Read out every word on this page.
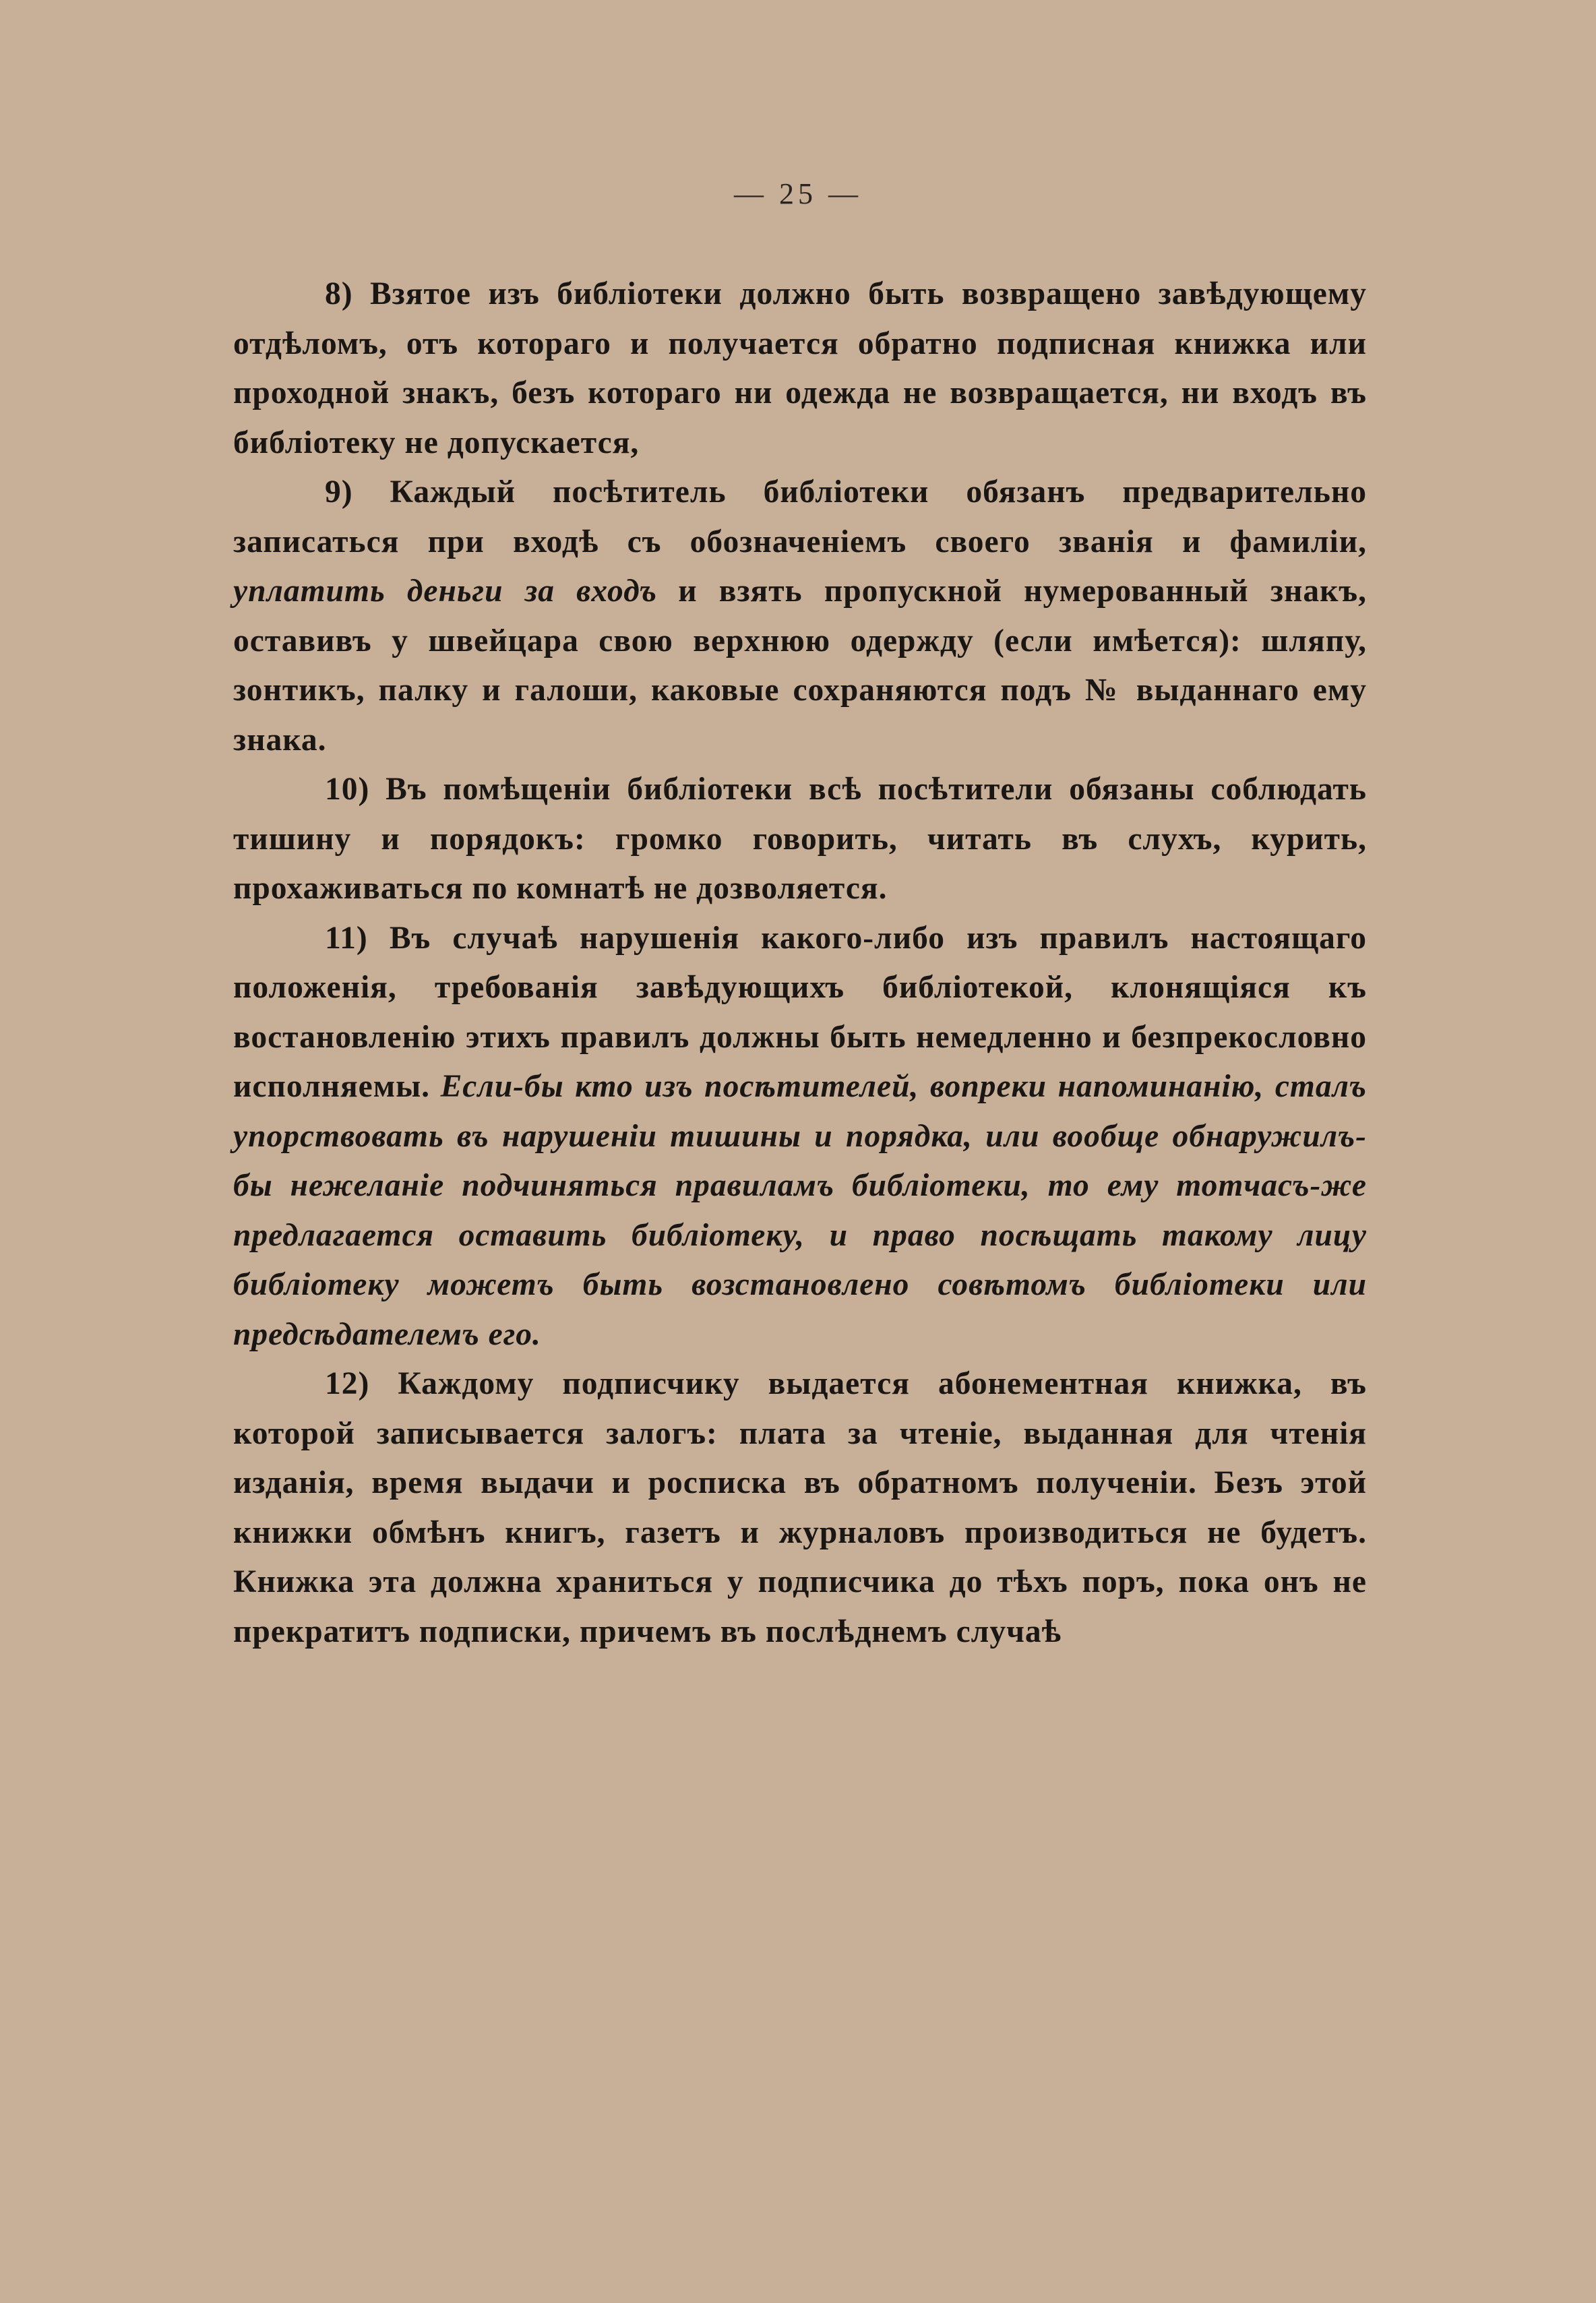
— 25 —

8) Взятое изъ библіотеки должно быть возвращено завѣдующему отдѣломъ, отъ котораго и получается обратно подписная книжка или проходной знакъ, безъ котораго ни одежда не возвращается, ни входъ въ библіотеку не допускается,

9) Каждый посѣтитель библіотеки обязанъ предварительно записаться при входѣ съ обозначеніемъ своего званія и фамиліи, уплатить деньги за входъ и взять пропускной нумерованный знакъ, оставивъ у швейцара свою верхнюю одержду (если имѣется): шляпу, зонтикъ, палку и галоши, каковые сохраняются подъ № выданнаго ему знака.

10) Въ помѣщеніи библіотеки всѣ посѣтители обязаны соблюдать тишину и порядокъ: громко говорить, читать въ слухъ, курить, прохаживаться по комнатѣ не дозволяется.

11) Въ случаѣ нарушенія какого-либо изъ правилъ настоящаго положенія, требованія завѣдующихъ библіотекой, клонящіяся къ востановленію этихъ правилъ должны быть немедленно и безпрекословно исполняемы. Если-бы кто изъ посѣтителей, вопреки напоминанію, сталъ упорствовать въ нарушеніи тишины и порядка, или вообще обнаружилъ-бы нежеланіе подчиняться правиламъ библіотеки, то ему тотчасъ-же предлагается оставить библіотеку, и право посѣщать такому лицу библіотеку можетъ быть возстановлено совѣтомъ библіотеки или предсѣдателемъ его.

12) Каждому подписчику выдается абонементная книжка, въ которой записывается залогъ: плата за чтеніе, выданная для чтенія изданія, время выдачи и росписка въ обратномъ полученіи. Безъ этой книжки обмѣнъ книгъ, газетъ и журналовъ производиться не будетъ. Книжка эта должна храниться у подписчика до тѣхъ поръ, пока онъ не прекратитъ подписки, причемъ въ послѣднемъ случаѣ
